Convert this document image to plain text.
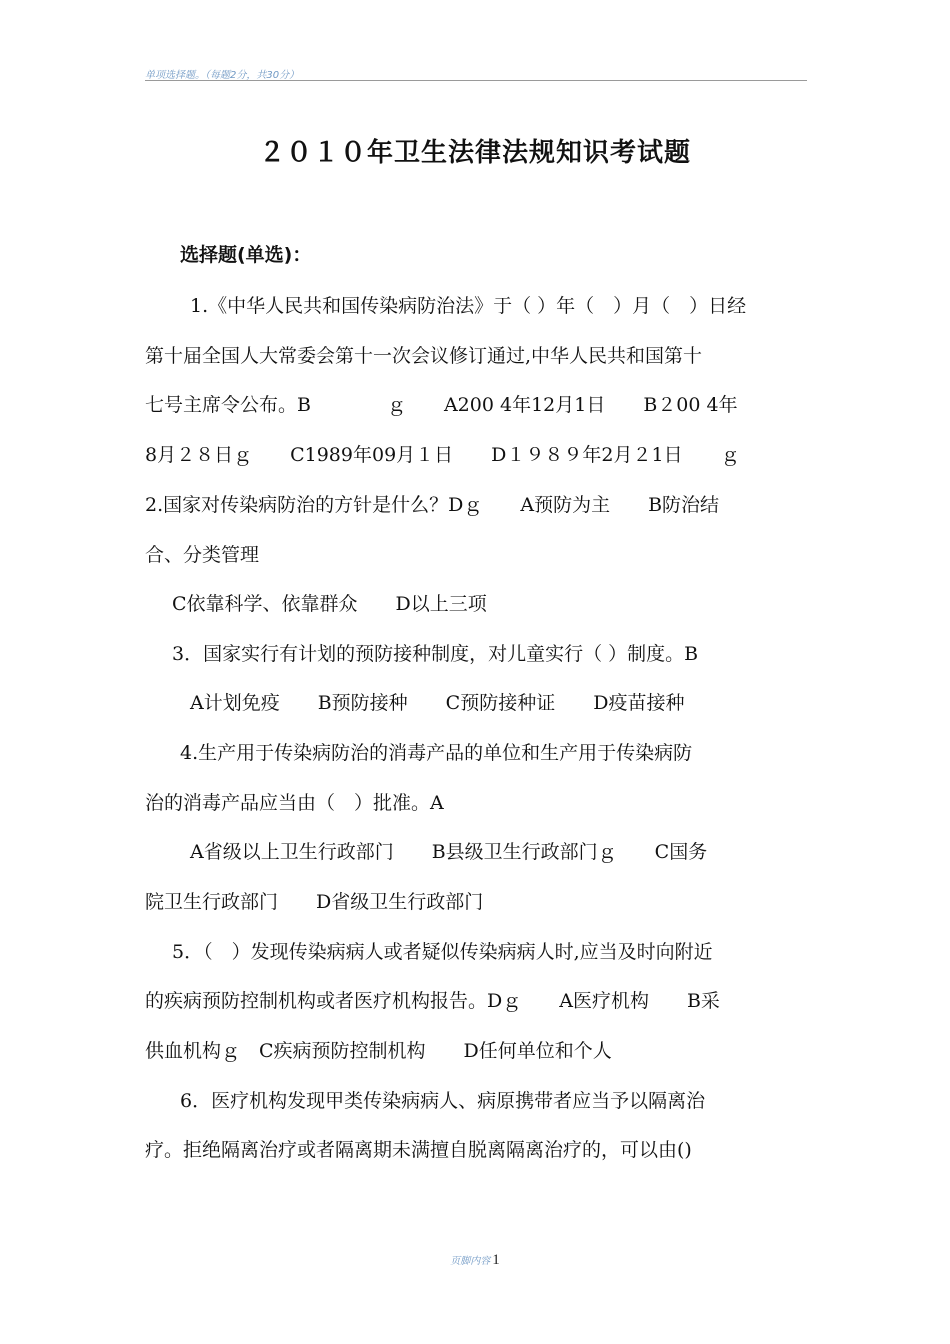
单项选择题。（每题2分，共30分）
２０１０年卫生法律法规知识考试题
选择题(单选)：
1.《中华人民共和国传染病防治法》于（ ）年（　）月（　）日经
第十届全国人大常委会第十一次会议修订通过,中华人民共和国第十
七号主席令公布。B　　　　ｇ　　A200 4年12月1日　　B２00 4年
8月２８日ｇ　　C1989年09月１日　　D１９８９年2月２1日　　ｇ
2.国家对传染病防治的方针是什么？Dｇ　　A预防为主　　B防治结
合、分类管理
C依靠科学、依靠群众　　D以上三项
3．国家实行有计划的预防接种制度，对儿童实行（ ）制度。B
A计划免疫　　B预防接种　　C预防接种证　　D疫苗接种
4.生产用于传染病防治的消毒产品的单位和生产用于传染病防
治的消毒产品应当由（　）批准。A
A省级以上卫生行政部门　　B县级卫生行政部门ｇ　　C国务
院卫生行政部门　　D省级卫生行政部门
5．（　）发现传染病病人或者疑似传染病病人时,应当及时向附近
的疾病预防控制机构或者医疗机构报告。Dｇ　　A医疗机构　　B采
供血机构ｇ　C疾病预防控制机构　　D任何单位和个人
6．医疗机构发现甲类传染病病人、病原携带者应当予以隔离治
疗。拒绝隔离治疗或者隔离期未满擅自脱离隔离治疗的，可以由()
页脚内容 1
